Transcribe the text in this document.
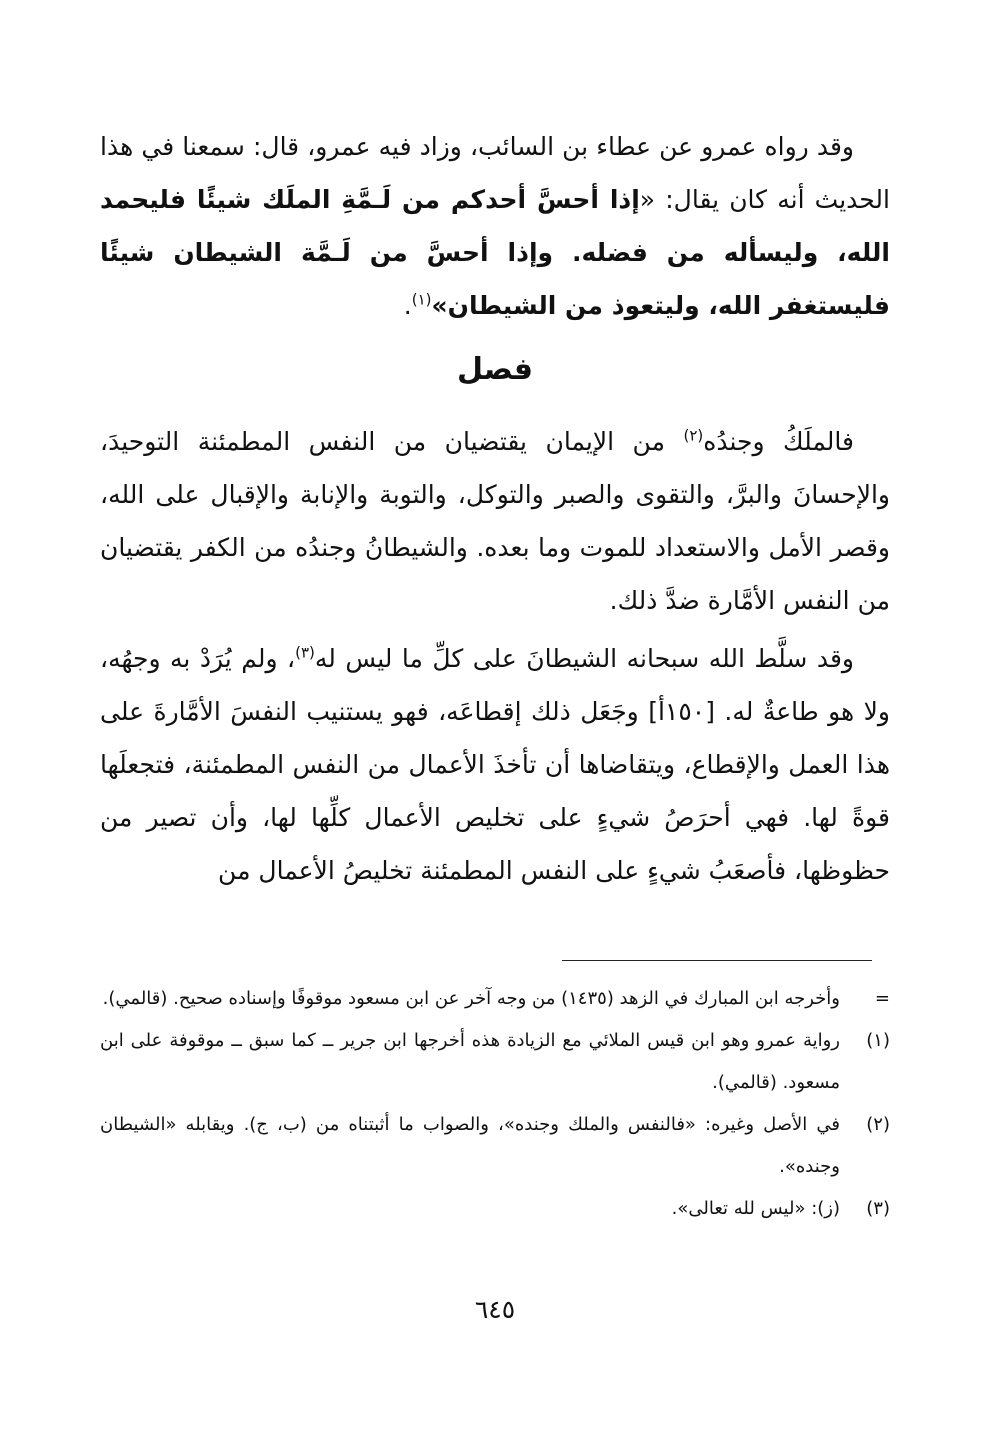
وقد رواه عمرو عن عطاء بن السائب، وزاد فيه عمرو، قال: سمعنا في هذا الحديث أنه كان يقال: «إذا أحسَّ أحدكم من لَـمَّةِ الملَك شيئًا فليحمد الله، وليسأله من فضله. وإذا أحسَّ من لَـمَّة الشيطان شيئًا فليستغفر الله، وليتعوذ من الشيطان»$^{(١)}$.

فصل

فالملَكُ وجندُه$^{(٢)}$ من الإيمان يقتضيان من النفس المطمئنة التوحيدَ، والإحسانَ والبرَّ، والتقوى والصبر والتوكل، والتوبة والإنابة والإقبال على الله، وقصر الأمل والاستعداد للموت وما بعده. والشيطانُ وجندُه من الكفر يقتضيان من النفس الأمَّارة ضدَّ ذلك.

وقد سلَّط الله سبحانه الشيطانَ على كلِّ ما ليس له$^{(٣)}$، ولم يُرَدْ به وجهُه، ولا هو طاعةٌ له. [١٥٠أ] وجَعَل ذلك إقطاعَه، فهو يستنيب النفسَ الأمَّارةَ على هذا العمل والإقطاع، ويتقاضاها أن تأخذَ الأعمال من النفس المطمئنة، فتجعلَها قوةً لها. فهي أحرَصُ شيءٍ على تخليص الأعمال كلِّها لها، وأن تصير من حظوظها، فأصعَبُ شيءٍ على النفس المطمئنة تخليصُ الأعمال من

=
وأخرجه ابن المبارك في الزهد (١٤٣٥) من وجه آخر عن ابن مسعود موقوفًا وإسناده صحيح. (قالمي).
(١)
رواية عمرو وهو ابن قيس الملائي مع الزيادة هذه أخرجها ابن جرير ــ كما سبق ــ موقوفة على ابن مسعود. (قالمي).
(٢)
في الأصل وغيره: «فالنفس والملك وجنده»، والصواب ما أثبتناه من (ب، ج). ويقابله «الشيطان وجنده».
(٣)
(ز): «ليس لله تعالى».
٦٤٥
